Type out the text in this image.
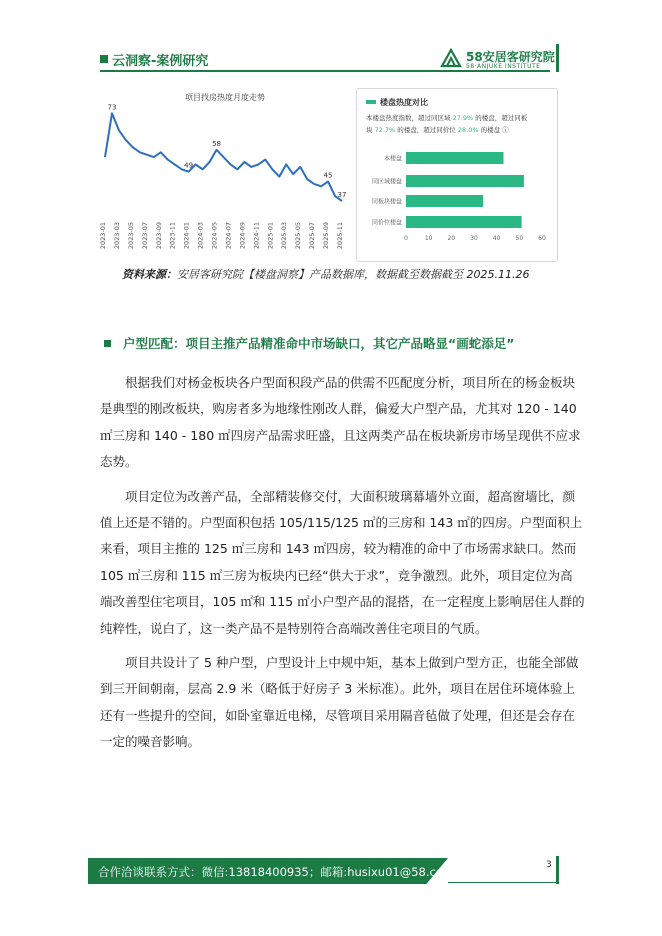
云洞察-案例研究	58安居客研究院
58·ANJUKE INSTITUTE
项目找房热度月度走势
73
49
58
45
37
2023-01 2023-03 2023-05 2023-07 2023-09 2023-11 2024-01 2024-03 2024-05 2024-07 2024-09 2024-11 2025-01 2025-03 2025-05 2025-07 2025-09 2025-11
楼盘热度对比
本楼盘热度指数，超过同区域 27.9% 的楼盘，超过同板
块 72.7% 的楼盘，超过同价位 28.0% 的楼盘 ⓘ
本楼盘
同区域楼盘
同板块楼盘
同价位楼盘
0	10	20	30	40	50	60
资料来源：安居客研究院【楼盘洞察】产品数据库，数据截至数据截至 2025.11.26
户型匹配：项目主推产品精准命中市场缺口，其它产品略显“画蛇添足”
根据我们对杨金板块各户型面积段产品的供需不匹配度分析，项目所在的杨金板块
是典型的刚改板块，购房者多为地缘性刚改人群，偏爱大户型产品，尤其对 120 - 140
㎡三房和 140 - 180 ㎡四房产品需求旺盛，且这两类产品在板块新房市场呈现供不应求
态势。
项目定位为改善产品，全部精装修交付，大面积玻璃幕墙外立面，超高窗墙比，颜
值上还是不错的。户型面积包括 105/115/125 ㎡的三房和 143 ㎡的四房。户型面积上
来看，项目主推的 125 ㎡三房和 143 ㎡四房，较为精准的命中了市场需求缺口。然而
105 ㎡三房和 115 ㎡三房为板块内已经“供大于求”，竞争激烈。此外，项目定位为高
端改善型住宅项目，105 ㎡和 115 ㎡小户型产品的混搭，在一定程度上影响居住人群的
纯粹性，说白了，这一类产品不是特别符合高端改善住宅项目的气质。
项目共设计了 5 种户型，户型设计上中规中矩，基本上做到户型方正，也能全部做
到三开间朝南，层高 2.9 米（略低于好房子 3 米标准）。此外，项目在居住环境体验上
还有一些提升的空间，如卧室靠近电梯，尽管项目采用隔音毡做了处理，但还是会存在
一定的噪音影响。
合作洽谈联系方式：微信:13818400935；邮箱:husixu01@58.com；	3
